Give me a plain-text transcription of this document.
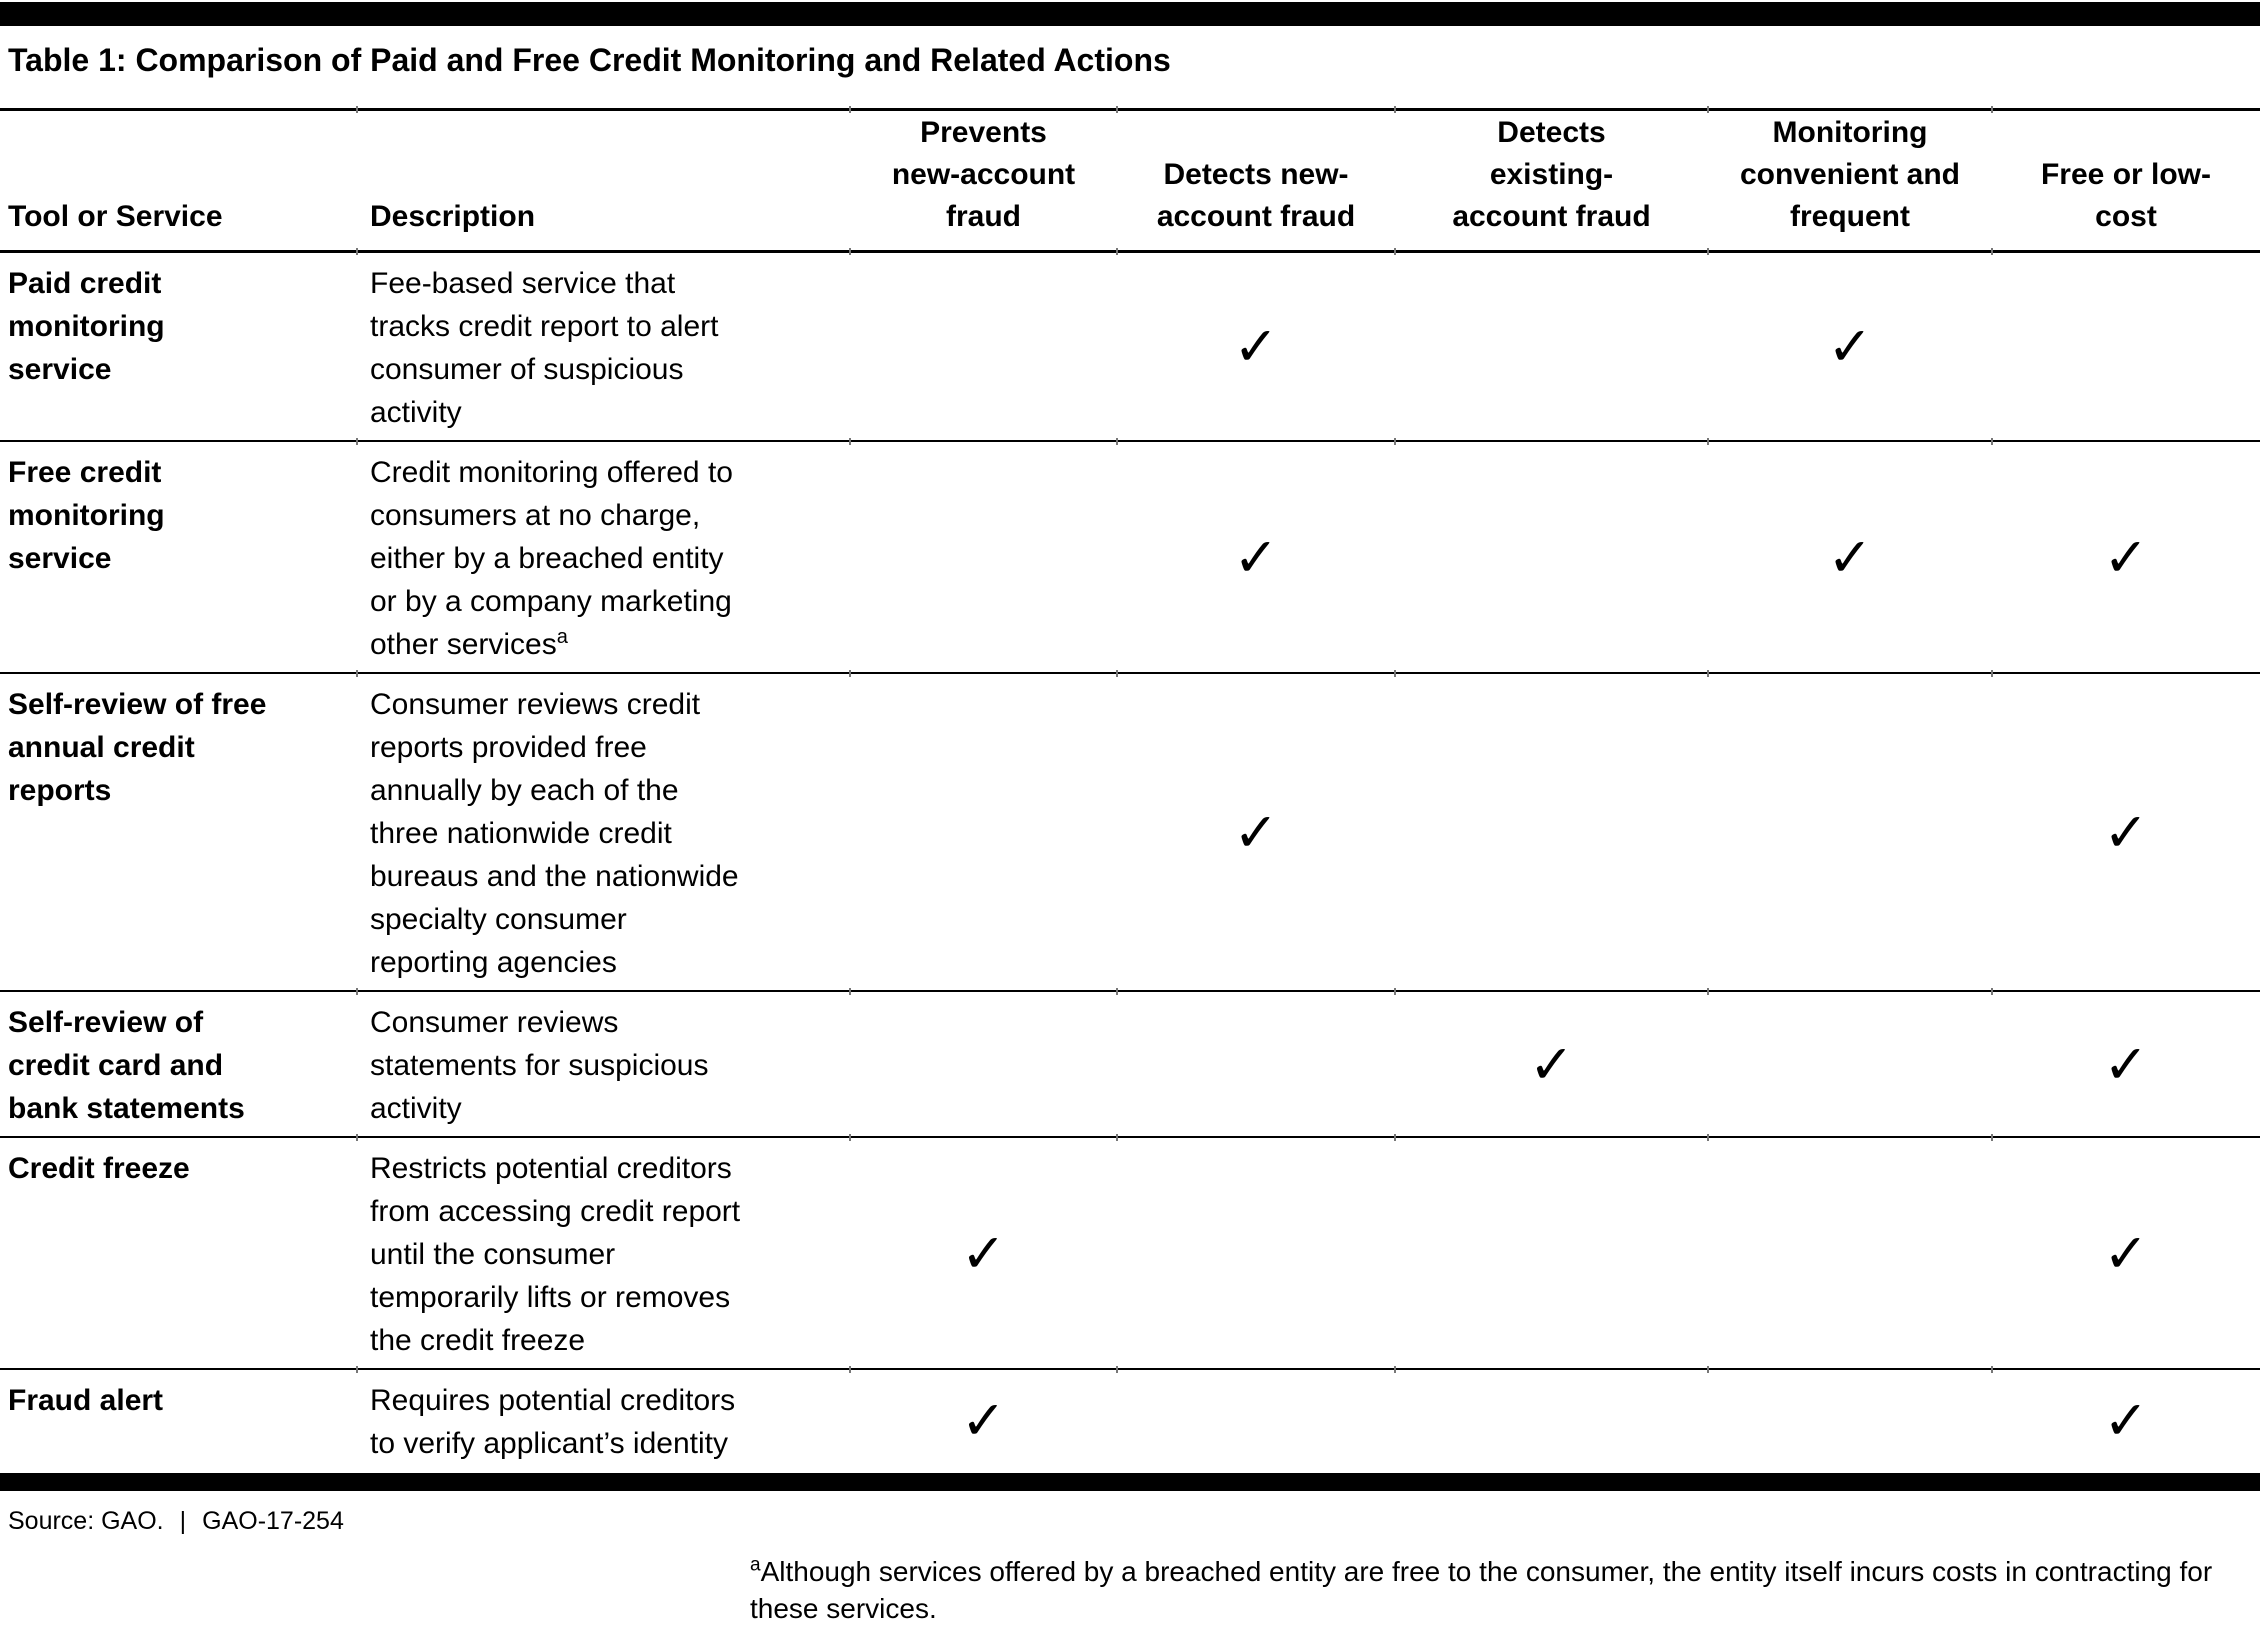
Table 1: Comparison of Paid and Free Credit Monitoring and Related Actions
Tool or Service	Description	Prevents new-account fraud	Detects new-account fraud	Detects existing-account fraud	Monitoring convenient and frequent	Free or low-cost
Paid credit monitoring service	Fee-based service that tracks credit report to alert consumer of suspicious activity		✓		✓	
Free credit monitoring service	Credit monitoring offered to consumers at no charge, either by a breached entity or by a company marketing other services$^a$		✓		✓	✓
Self-review of free annual credit reports	Consumer reviews credit reports provided free annually by each of the three nationwide credit bureaus and the nationwide specialty consumer reporting agencies		✓			✓
Self-review of credit card and bank statements	Consumer reviews statements for suspicious activity			✓		✓
Credit freeze	Restricts potential creditors from accessing credit report until the consumer temporarily lifts or removes the credit freeze	✓				✓
Fraud alert	Requires potential creditors to verify applicant’s identity	✓				✓
Source: GAO. | GAO-17-254
$^a$Although services offered by a breached entity are free to the consumer, the entity itself incurs costs in contracting for these services.
